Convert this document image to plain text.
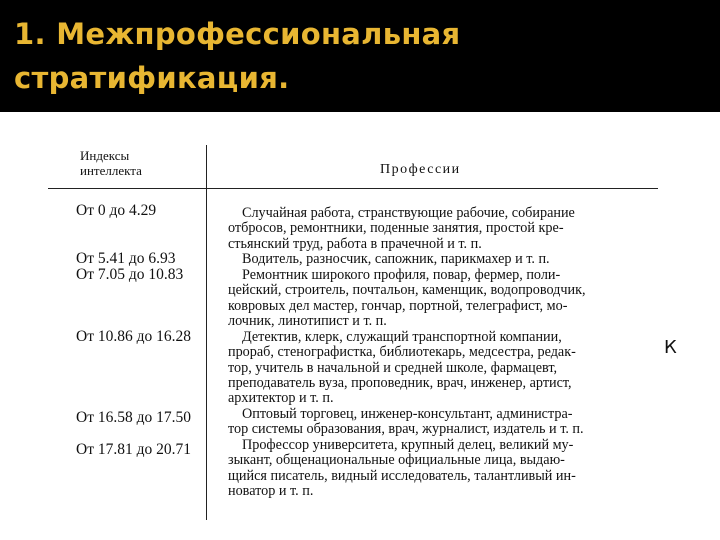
1. Межпрофессиональная
стратификация.
Индексы
интеллекта	Профессии
От 0 до 4.29
От 5.41 до 6.93
От 7.05 до 10.83
От 10.86 до 16.28
От 16.58 до 17.50
От 17.81 до 20.71
Случайная работа, странствующие рабочие, собирание
отбросов, ремонтники, поденные занятия, простой кре-
стьянский труд, работа в прачечной и т. п.
Водитель, разносчик, сапожник, парикмахер и т. п.
Ремонтник широкого профиля, повар, фермер, поли-
цейский, строитель, почтальон, каменщик, водопроводчик,
ковровых дел мастер, гончар, портной, телеграфист, мо-
лочник, линотипист и т. п.
Детектив, клерк, служащий транспортной компании,
прораб, стенографистка, библиотекарь, медсестра, редак-
тор, учитель в начальной и средней школе, фармацевт,
преподаватель вуза, проповедник, врач, инженер, артист,
архитектор и т. п.
Оптовый торговец, инженер-консультант, администра-
тор системы образования, врач, журналист, издатель и т. п.
Профессор университета, крупный делец, великий му-
зыкант, общенациональные официальные лица, выдаю-
щийся писатель, видный исследователь, талантливый ин-
новатор и т. п.
К
